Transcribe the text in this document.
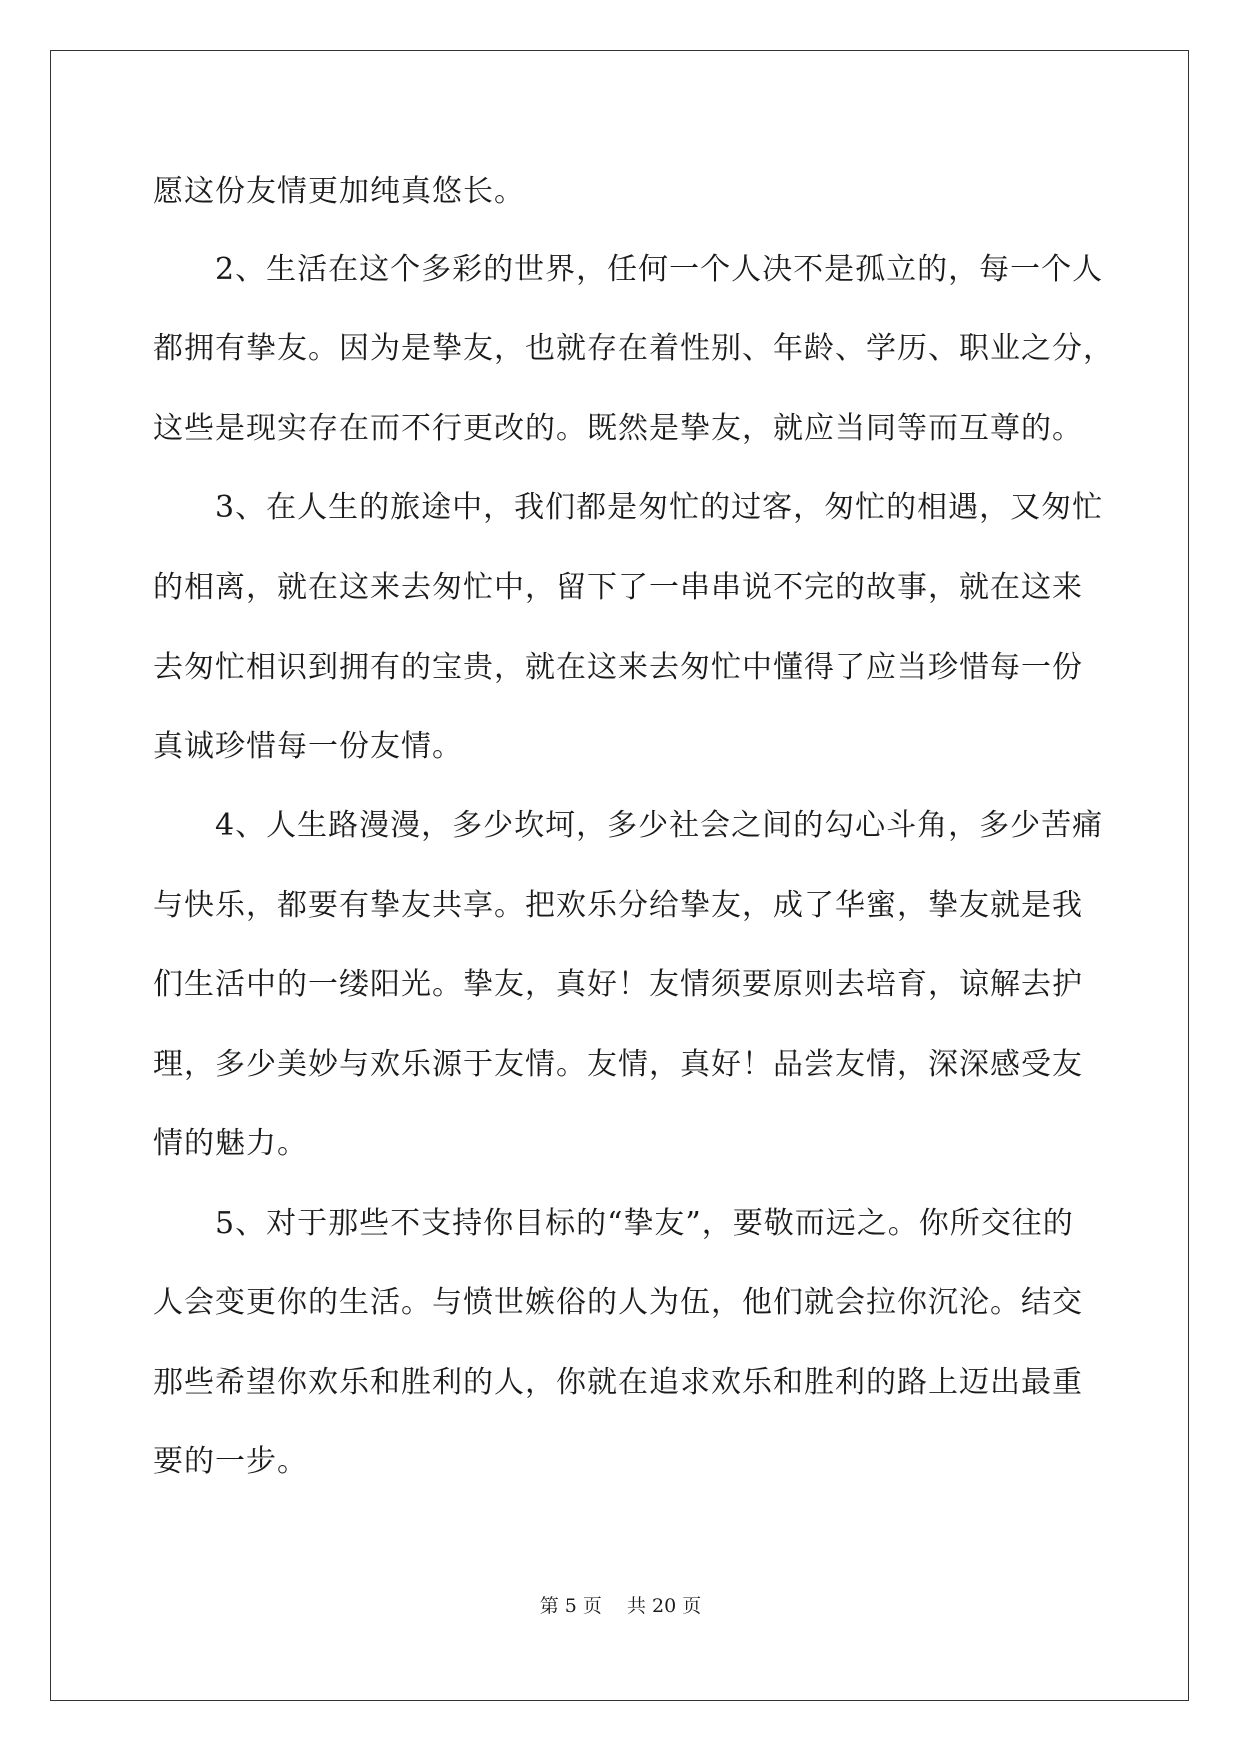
愿这份友情更加纯真悠长。
　　2、生活在这个多彩的世界，任何一个人决不是孤立的，每一个人
都拥有挚友。因为是挚友，也就存在着性别、年龄、学历、职业之分，
这些是现实存在而不行更改的。既然是挚友，就应当同等而互尊的。
　　3、在人生的旅途中，我们都是匆忙的过客，匆忙的相遇，又匆忙
的相离，就在这来去匆忙中，留下了一串串说不完的故事，就在这来
去匆忙相识到拥有的宝贵，就在这来去匆忙中懂得了应当珍惜每一份
真诚珍惜每一份友情。
　　4、人生路漫漫，多少坎坷，多少社会之间的勾心斗角，多少苦痛
与快乐，都要有挚友共享。把欢乐分给挚友，成了华蜜，挚友就是我
们生活中的一缕阳光。挚友，真好！友情须要原则去培育，谅解去护
理，多少美妙与欢乐源于友情。友情，真好！品尝友情，深深感受友
情的魅力。
　　5、对于那些不支持你目标的“挚友”，要敬而远之。你所交往的
人会变更你的生活。与愤世嫉俗的人为伍，他们就会拉你沉沦。结交
那些希望你欢乐和胜利的人，你就在追求欢乐和胜利的路上迈出最重
要的一步。
第 5 页　 共 20 页
